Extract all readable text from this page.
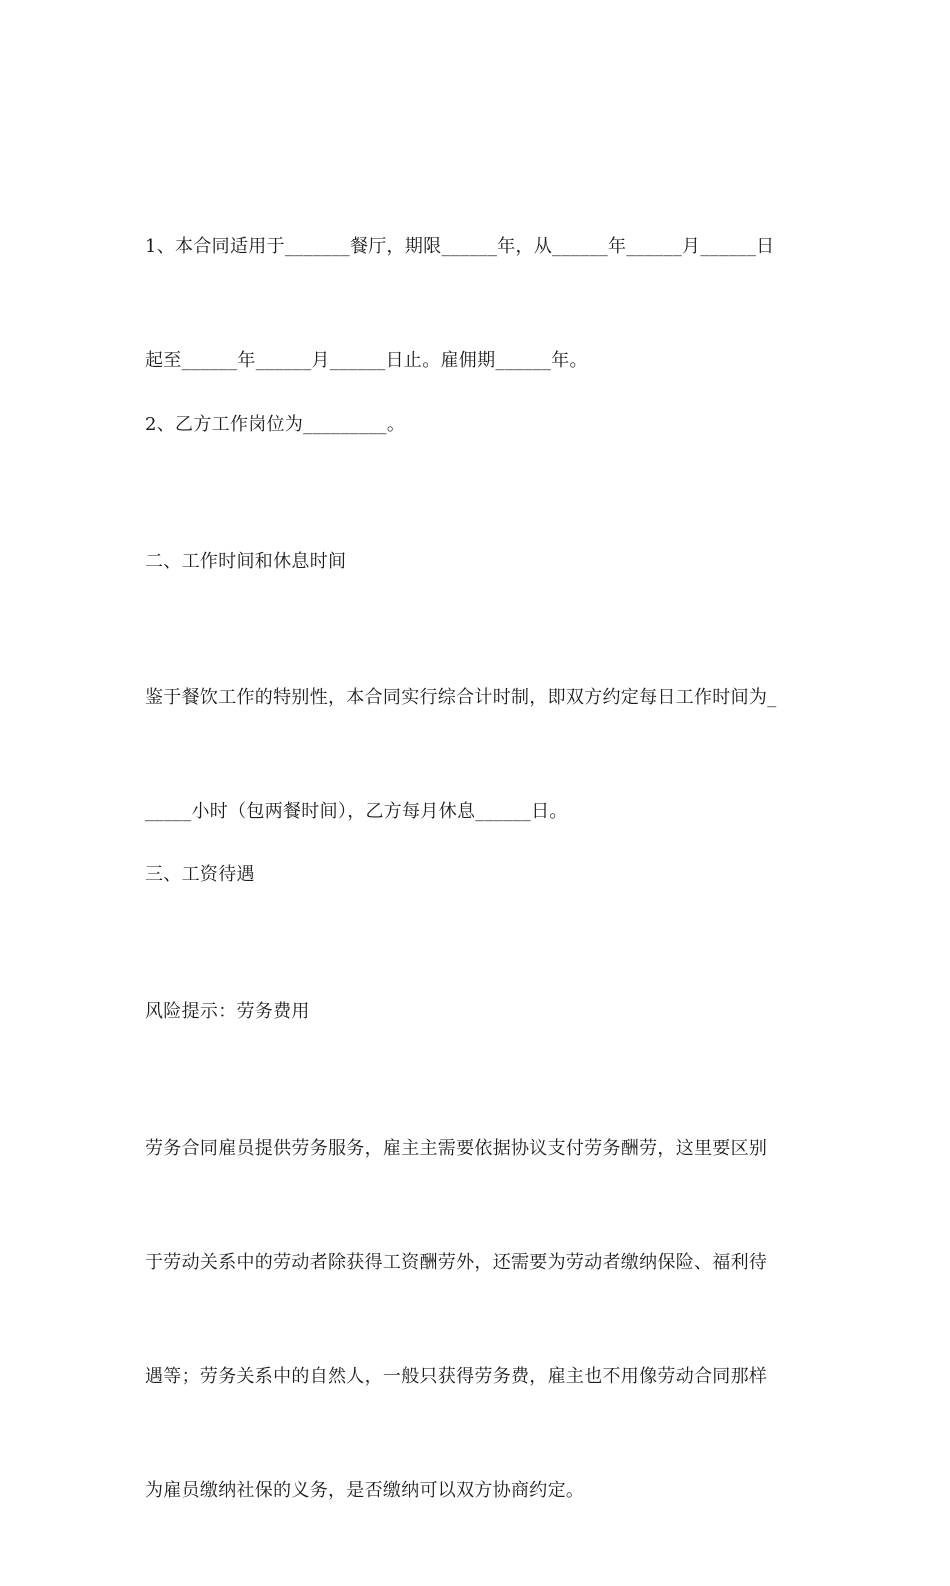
1、本合同适用于_______餐厅，期限______年，从______年______月______日

起至______年______月______日止。雇佣期______年。

2、乙方工作岗位为_________。

二、工作时间和休息时间

鉴于餐饮工作的特别性，本合同实行综合计时制，即双方约定每日工作时间为_

_____小时（包两餐时间），乙方每月休息______日。

三、工资待遇

风险提示：劳务费用

劳务合同雇员提供劳务服务，雇主主需要依据协议支付劳务酬劳，这里要区别

于劳动关系中的劳动者除获得工资酬劳外，还需要为劳动者缴纳保险、福利待

遇等；劳务关系中的自然人，一般只获得劳务费，雇主也不用像劳动合同那样

为雇员缴纳社保的义务，是否缴纳可以双方协商约定。
